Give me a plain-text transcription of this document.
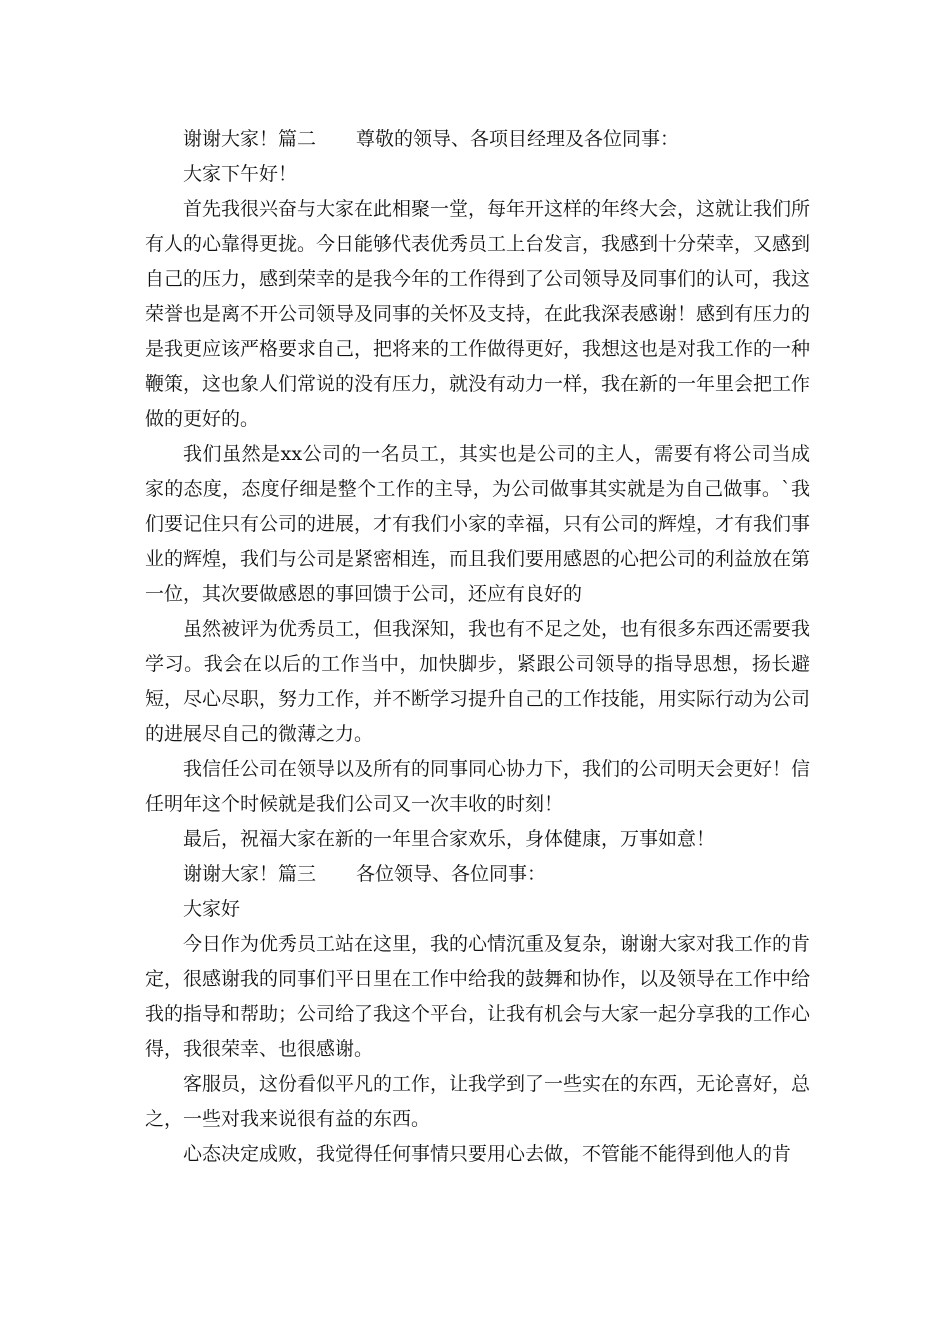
谢谢大家！篇二 尊敬的领导、各项目经理及各位同事：

大家下午好！

首先我很兴奋与大家在此相聚一堂，每年开这样的年终大会，这就让我们所有人的心靠得更拢。今日能够代表优秀员工上台发言，我感到十分荣幸，又感到自己的压力，感到荣幸的是我今年的工作得到了公司领导及同事们的认可，我这荣誉也是离不开公司领导及同事的关怀及支持，在此我深表感谢！感到有压力的是我更应该严格要求自己，把将来的工作做得更好，我想这也是对我工作的一种鞭策，这也象人们常说的没有压力，就没有动力一样，我在新的一年里会把工作做的更好的。

我们虽然是xx公司的一名员工，其实也是公司的主人，需要有将公司当成家的态度，态度仔细是整个工作的主导，为公司做事其实就是为自己做事。`我们要记住只有公司的进展，才有我们小家的幸福，只有公司的辉煌，才有我们事业的辉煌，我们与公司是紧密相连，而且我们要用感恩的心把公司的利益放在第一位，其次要做感恩的事回馈于公司，还应有良好的

虽然被评为优秀员工，但我深知，我也有不足之处，也有很多东西还需要我学习。我会在以后的工作当中，加快脚步，紧跟公司领导的指导思想，扬长避短，尽心尽职，努力工作，并不断学习提升自己的工作技能，用实际行动为公司的进展尽自己的微薄之力。

我信任公司在领导以及所有的同事同心协力下，我们的公司明天会更好！信任明年这个时候就是我们公司又一次丰收的时刻！

最后，祝福大家在新的一年里合家欢乐，身体健康，万事如意！

谢谢大家！篇三 各位领导、各位同事：

大家好

今日作为优秀员工站在这里，我的心情沉重及复杂，谢谢大家对我工作的肯定，很感谢我的同事们平日里在工作中给我的鼓舞和协作，以及领导在工作中给我的指导和帮助；公司给了我这个平台，让我有机会与大家一起分享我的工作心得，我很荣幸、也很感谢。

客服员，这份看似平凡的工作，让我学到了一些实在的东西，无论喜好，总之，一些对我来说很有益的东西。

心态决定成败，我觉得任何事情只要用心去做，不管能不能得到他人的肯
